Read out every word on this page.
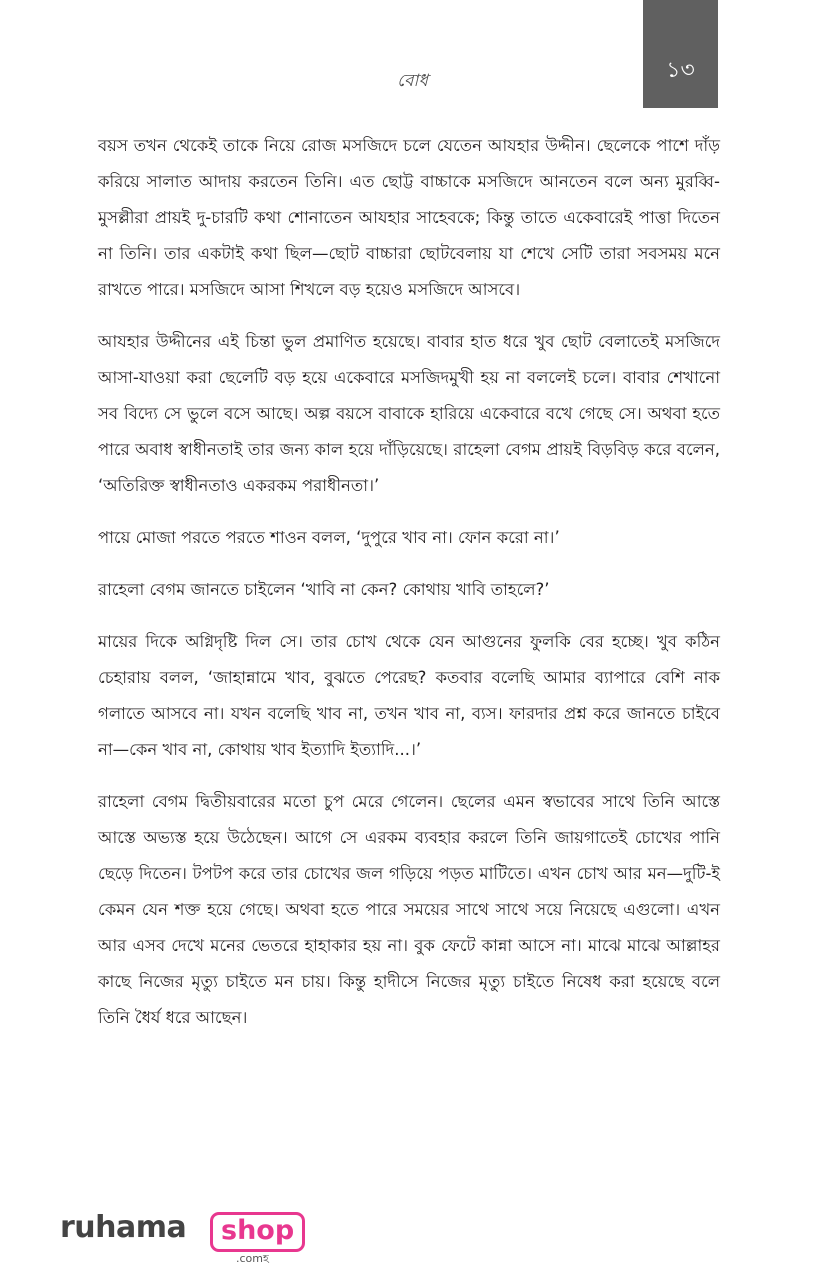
বোধ	১৩

বয়স তখন থেকেই তাকে নিয়ে রোজ মসজিদে চলে যেতেন আযহার উদ্দীন। ছেলেকে পাশে দাঁড় করিয়ে সালাত আদায় করতেন তিনি। এত ছোট্ট বাচ্চাকে মসজিদে আনতেন বলে অন্য মুরব্বি-মুসল্লীরা প্রায়ই দু-চারটি কথা শোনাতেন আযহার সাহেবকে; কিন্তু তাতে একেবারেই পাত্তা দিতেন না তিনি। তার একটাই কথা ছিল—ছোট বাচ্চারা ছোটবেলায় যা শেখে সেটি তারা সবসময় মনে রাখতে পারে। মসজিদে আসা শিখলে বড় হয়েও মসজিদে আসবে।

আযহার উদ্দীনের এই চিন্তা ভুল প্রমাণিত হয়েছে। বাবার হাত ধরে খুব ছোট বেলাতেই মসজিদে আসা-যাওয়া করা ছেলেটি বড় হয়ে একেবারে মসজিদমুখী হয় না বললেই চলে। বাবার শেখানো সব বিদ্যে সে ভুলে বসে আছে। অল্প বয়সে বাবাকে হারিয়ে একেবারে বখে গেছে সে। অথবা হতে পারে অবাধ স্বাধীনতাই তার জন্য কাল হয়ে দাঁড়িয়েছে। রাহেলা বেগম প্রায়ই বিড়বিড় করে বলেন, ‘অতিরিক্ত স্বাধীনতাও একরকম পরাধীনতা।’

পায়ে মোজা পরতে পরতে শাওন বলল, ‘দুপুরে খাব না। ফোন করো না।’

রাহেলা বেগম জানতে চাইলেন ‘খাবি না কেন? কোথায় খাবি তাহলে?’

মায়ের দিকে অগ্নিদৃষ্টি দিল সে। তার চোখ থেকে যেন আগুনের ফুলকি বের হচ্ছে। খুব কঠিন চেহারায় বলল, ‘জাহান্নামে খাব, বুঝতে পেরেছ? কতবার বলেছি আমার ব্যাপারে বেশি নাক গলাতে আসবে না। যখন বলেছি খাব না, তখন খাব না, ব্যস। ফারদার প্রশ্ন করে জানতে চাইবে না—কেন খাব না, কোথায় খাব ইত্যাদি ইত্যাদি...।’

রাহেলা বেগম দ্বিতীয়বারের মতো চুপ মেরে গেলেন। ছেলের এমন স্বভাবের সাথে তিনি আস্তে আস্তে অভ্যস্ত হয়ে উঠেছেন। আগে সে এরকম ব্যবহার করলে তিনি জায়গাতেই চোখের পানি ছেড়ে দিতেন। টপটপ করে তার চোখের জল গড়িয়ে পড়ত মাটিতে। এখন চোখ আর মন—দুটি-ই কেমন যেন শক্ত হয়ে গেছে। অথবা হতে পারে সময়ের সাথে সাথে সয়ে নিয়েছে এগুলো। এখন আর এসব দেখে মনের ভেতরে হাহাকার হয় না। বুক ফেটে কান্না আসে না। মাঝে মাঝে আল্লাহর কাছে নিজের মৃত্যু চাইতে মন চায়। কিন্তু হাদীসে নিজের মৃত্যু চাইতে নিষেধ করা হয়েছে বলে তিনি ধৈর্য ধরে আছেন।

ruhama	shop
.comহ
